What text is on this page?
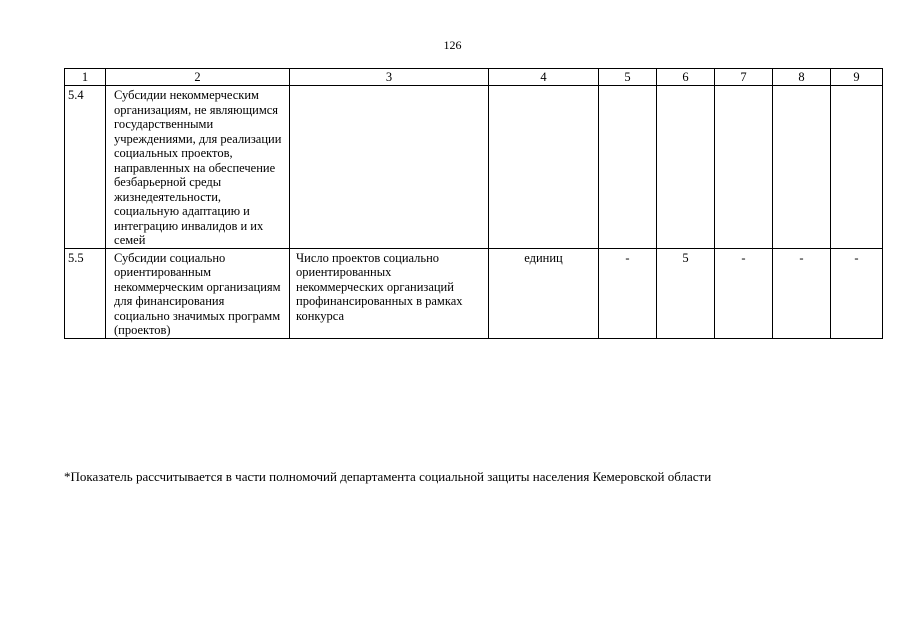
126
1	2	3	4	5	6	7	8	9
5.4	Субсидии некоммерческим организациям, не являющимся государственными учреждениями, для реализации социальных проектов, направленных на обеспечение безбарьерной среды жизнедеятельности, социальную адаптацию и интеграцию инвалидов и их семей							
5.5	Субсидии социально ориентированным некоммерческим организациям для финансирования социально значимых программ (проектов)	Число проектов социально ориентированных некоммерческих организаций профинансированных в рамках конкурса	единиц	-	5	-	-	-
*Показатель рассчитывается в части полномочий департамента социальной защиты населения Кемеровской области
